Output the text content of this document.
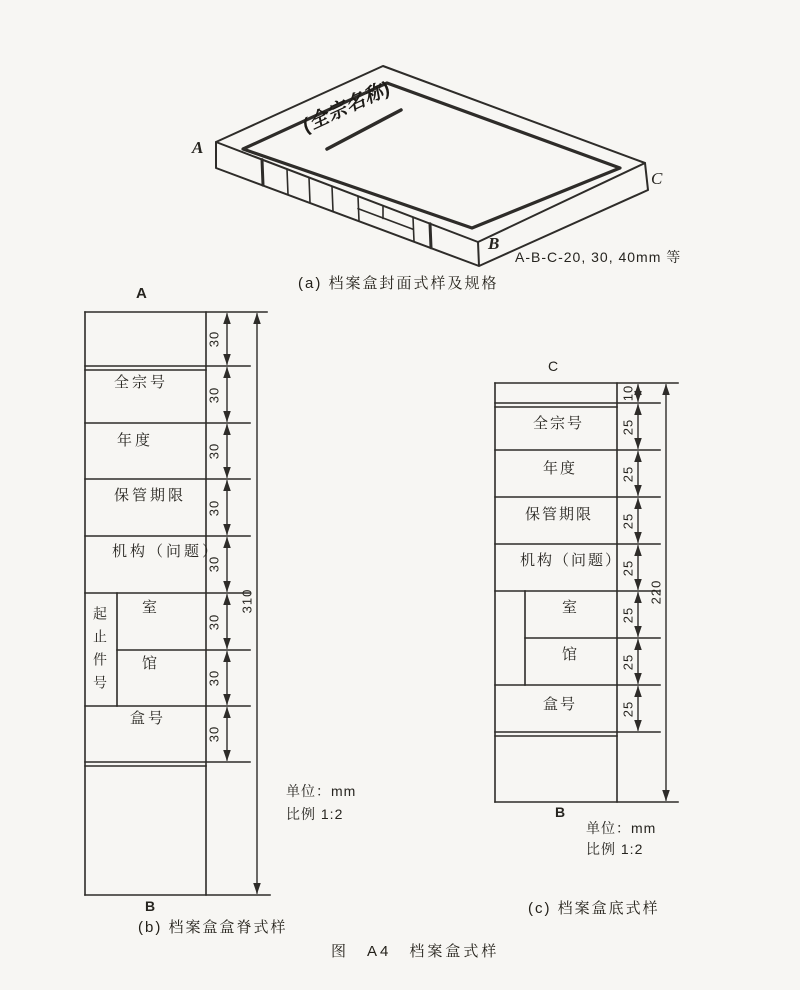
(全宗名称)
A
B
C
A-B-C-20, 30, 40mm 等
(a) 档案盒封面式样及规格
A
全宗号
年度
保管期限
机构（问题）
室
馆
盒号
起止件号
30
30
30
30
30
30
30
30
310
B
单位：mm
比例 1:2
(b) 档案盒盒脊式样
C
全宗号
年度
保管期限
机构（问题）
室
馆
盒号
10
25
25
25
25
25
25
25
220
B
单位：mm
比例 1:2
(c) 档案盒底式样
图　A4　档案盒式样
